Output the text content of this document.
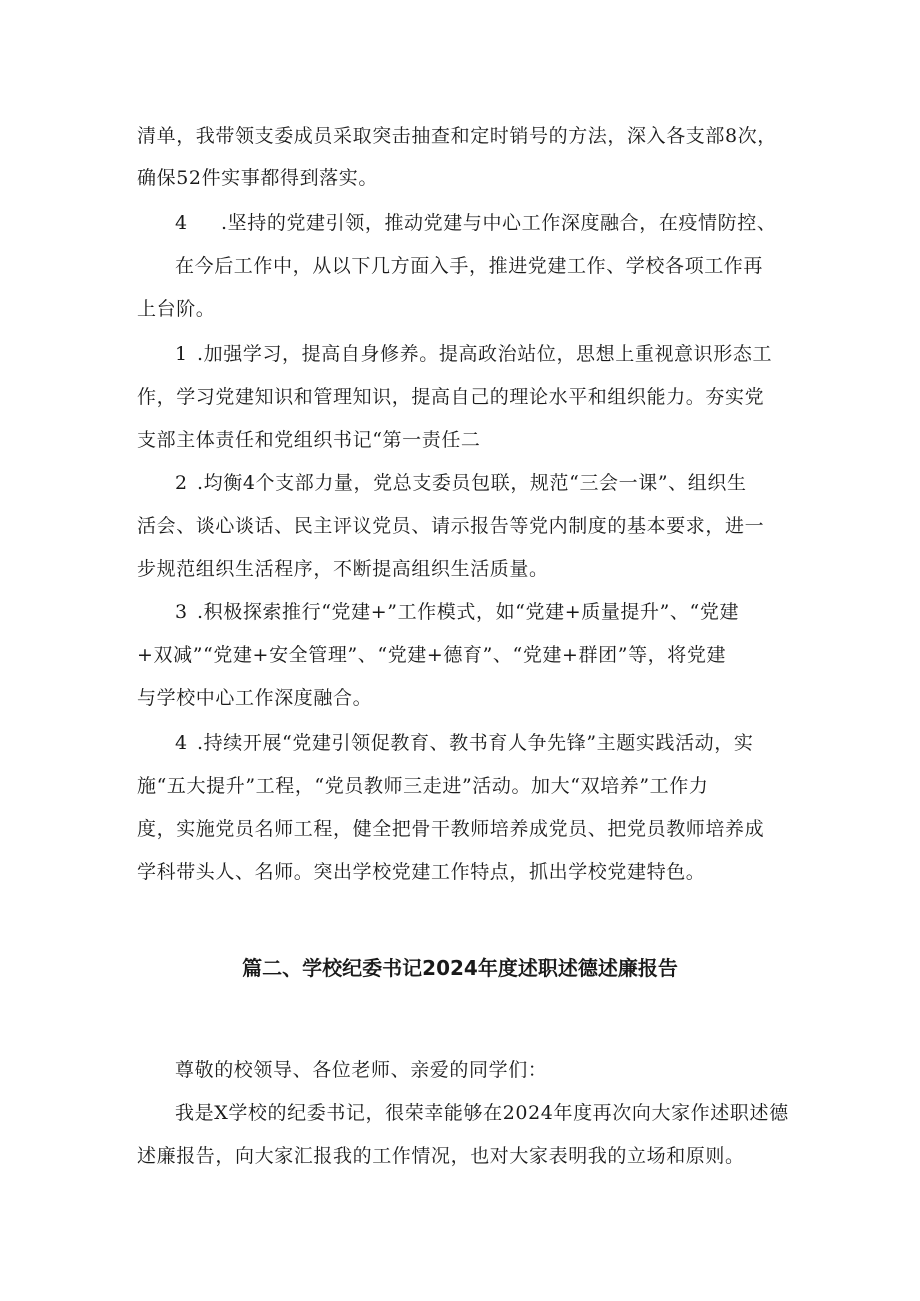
清单，我带领支委成员采取突击抽查和定时销号的方法，深入各支部8次，
确保52件实事都得到落实。
4 .坚持的党建引领，推动党建与中心工作深度融合，在疫情防控、
在今后工作中，从以下几方面入手，推进党建工作、学校各项工作再
上台阶。
1 .加强学习，提高自身修养。提高政治站位，思想上重视意识形态工
作，学习党建知识和管理知识，提高自己的理论水平和组织能力。夯实党
支部主体责任和党组织书记“第一责任二
2 .均衡4个支部力量，党总支委员包联，规范“三会一课”、组织生
活会、谈心谈话、民主评议党员、请示报告等党内制度的基本要求，进一
步规范组织生活程序，不断提高组织生活质量。
3 .积极探索推行“党建+”工作模式，如“党建+质量提升”、“党建
+双减”“党建+安全管理”、“党建+德育”、“党建+群团”等，将党建
与学校中心工作深度融合。
4 .持续开展“党建引领促教育、教书育人争先锋”主题实践活动，实
施“五大提升”工程，“党员教师三走进”活动。加大“双培养”工作力
度，实施党员名师工程，健全把骨干教师培养成党员、把党员教师培养成
学科带头人、名师。突出学校党建工作特点，抓出学校党建特色。
篇二、学校纪委书记2024年度述职述德述廉报告
尊敬的校领导、各位老师、亲爱的同学们：
我是X学校的纪委书记，很荣幸能够在2024年度再次向大家作述职述德
述廉报告，向大家汇报我的工作情况，也对大家表明我的立场和原则。
